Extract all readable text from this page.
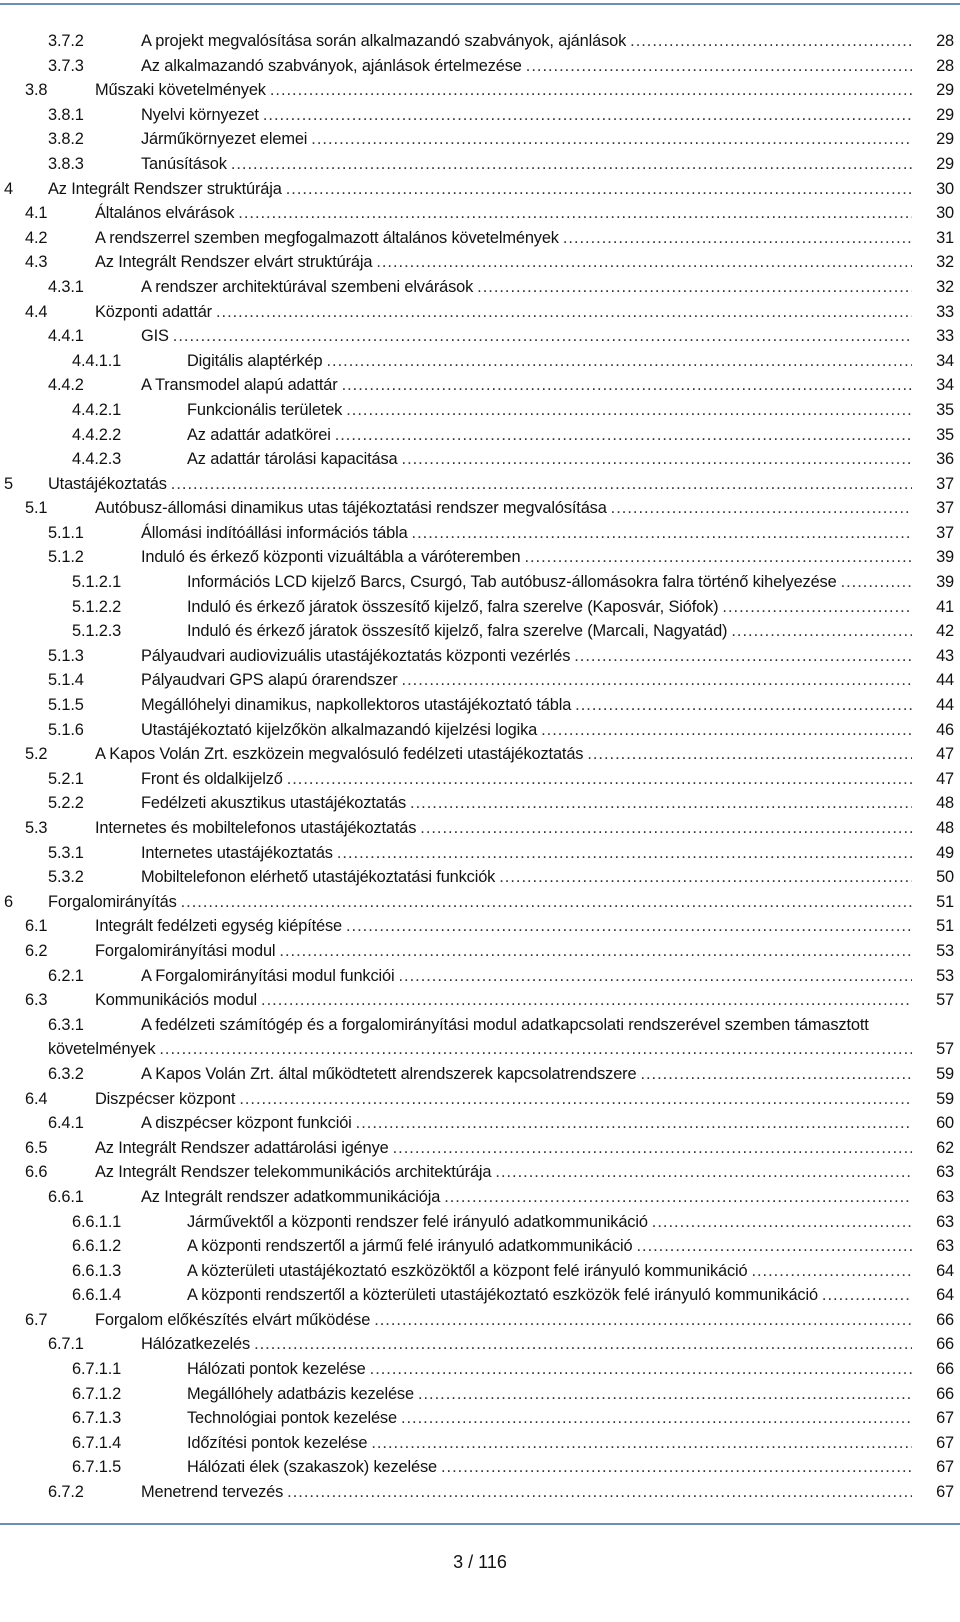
3.7.2	A projekt megvalósítása során alkalmazandó szabványok, ajánlások .....	28
3.7.3	Az alkalmazandó szabványok, ajánlások értelmezése .....	28
3.8	Műszaki követelmények .....	29
3.8.1	Nyelvi környezet .....	29
3.8.2	Járműkörnyezet elemei .....	29
3.8.3	Tanúsítások .....	29
4 Az Integrált Rendszer struktúrája .....	30
4.1	Általános elvárások .....	30
4.2	A rendszerrel szemben megfogalmazott általános követelmények .....	31
4.3	Az Integrált Rendszer elvárt struktúrája .....	32
4.3.1	A rendszer architektúrával szembeni elvárások .....	32
4.4	Központi adattár .....	33
4.4.1	GIS .....	33
4.4.1.1	Digitális alaptérkép .....	34
4.4.2	A Transmodel alapú adattár .....	34
4.4.2.1	Funkcionális területek .....	35
4.4.2.2	Az adattár adatkörei .....	35
4.4.2.3	Az adattár tárolási kapacitása .....	36
5 Utastájékoztatás .....	37
5.1	Autóbusz-állomási dinamikus utas tájékoztatási rendszer megvalósítása .....	37
5.1.1	Állomási indítóállási információs tábla .....	37
5.1.2	Induló és érkező központi vizuáltábla a váróteremben .....	39
5.1.2.1	Információs LCD kijelző Barcs, Csurgó, Tab autóbusz-állomásokra falra történő kihelyezése .....	39
5.1.2.2	Induló és érkező járatok összesítő kijelző, falra szerelve (Kaposvár, Siófok) .....	41
5.1.2.3	Induló és érkező járatok összesítő kijelző, falra szerelve (Marcali, Nagyatád) .....	42
5.1.3	Pályaudvari audiovizuális utastájékoztatás központi vezérlés .....	43
5.1.4	Pályaudvari GPS alapú órarendszer .....	44
5.1.5	Megállóhelyi dinamikus, napkollektoros utastájékoztató tábla .....	44
5.1.6	Utastájékoztató kijelzőkön alkalmazandó kijelzési logika .....	46
5.2	A Kapos Volán Zrt. eszközein megvalósuló fedélzeti utastájékoztatás .....	47
5.2.1	Front és oldalkijelző .....	47
5.2.2	Fedélzeti akusztikus utastájékoztatás .....	48
5.3	Internetes és mobiltelefonos utastájékoztatás .....	48
5.3.1	Internetes utastájékoztatás .....	49
5.3.2	Mobiltelefonon elérhető utastájékoztatási funkciók .....	50
6 Forgalomirányítás .....	51
6.1	Integrált fedélzeti egység kiépítése .....	51
6.2	Forgalomirányítási modul .....	53
6.2.1	A Forgalomirányítási modul funkciói .....	53
6.3	Kommunikációs modul .....	57
6.3.1	A fedélzeti számítógép és a forgalomirányítási modul adatkapcsolati rendszerével szemben támasztott
követelmények .....	57
6.3.2	A Kapos Volán Zrt. által működtetett alrendszerek kapcsolatrendszere .....	59
6.4	Diszpécser központ .....	59
6.4.1	A diszpécser központ funkciói .....	60
6.5	Az Integrált Rendszer adattárolási igénye .....	62
6.6	Az Integrált Rendszer telekommunikációs architektúrája .....	63
6.6.1	Az Integrált rendszer adatkommunikációja .....	63
6.6.1.1	Járművektől a központi rendszer felé irányuló adatkommunikáció .....	63
6.6.1.2	A központi rendszertől a jármű felé irányuló adatkommunikáció .....	63
6.6.1.3	A közterületi utastájékoztató eszközöktől a központ felé irányuló kommunikáció .....	64
6.6.1.4	A központi rendszertől a közterületi utastájékoztató eszközök felé irányuló kommunikáció .....	64
6.7	Forgalom előkészítés elvárt működése .....	66
6.7.1	Hálózatkezelés .....	66
6.7.1.1	Hálózati pontok kezelése .....	66
6.7.1.2	Megállóhely adatbázis kezelése .....	66
6.7.1.3	Technológiai pontok kezelése .....	67
6.7.1.4	Időzítési pontok kezelése .....	67
6.7.1.5	Hálózati élek (szakaszok) kezelése .....	67
6.7.2	Menetrend tervezés .....	67
3 / 116
